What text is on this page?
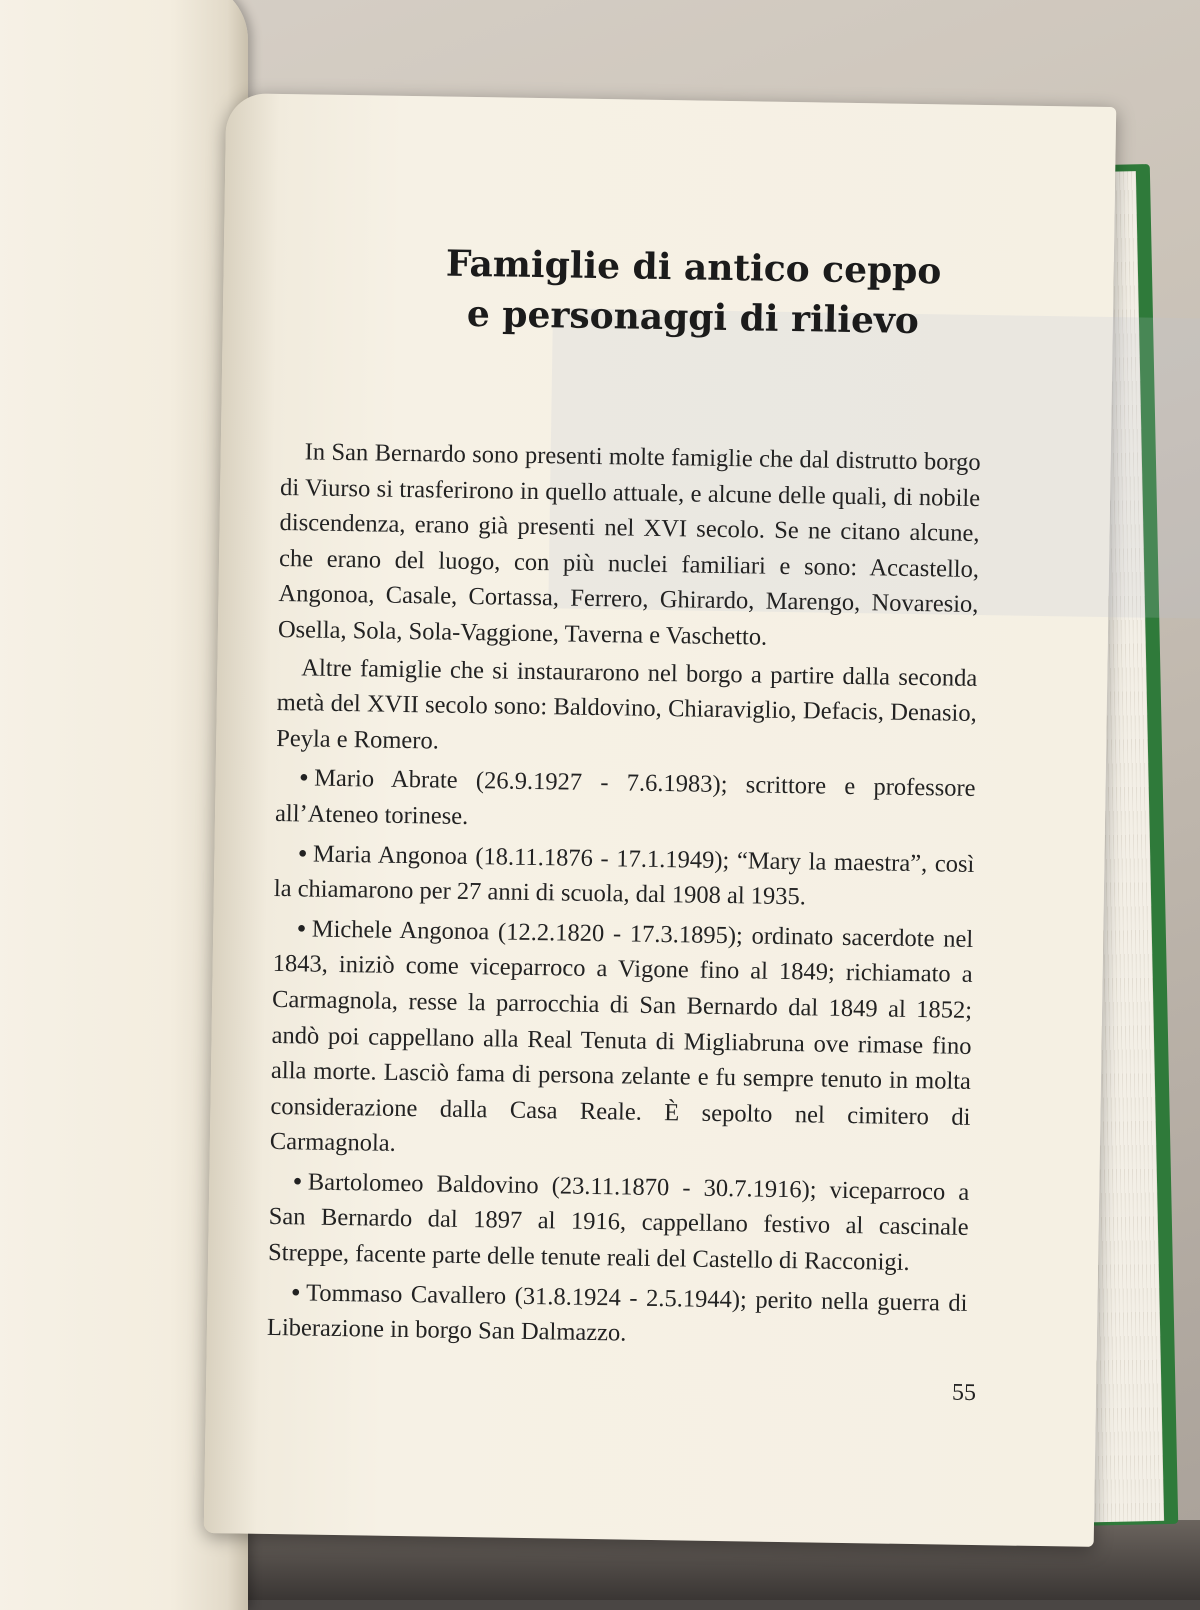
Famiglie di antico ceppo
e personaggi di rilievo

In San Bernardo sono presenti molte famiglie che dal distrutto borgo di Viurso si trasferirono in quello attuale, e alcune delle quali, di nobile discendenza, erano già presenti nel XVI secolo. Se ne citano alcune, che erano del luogo, con più nuclei familiari e sono: Accastello, Angonoa, Casale, Cortassa, Ferrero, Ghirardo, Marengo, Novaresio, Osella, Sola, Sola-Vaggione, Taverna e Vaschetto.

Altre famiglie che si instaurarono nel borgo a partire dalla seconda metà del XVII secolo sono: Baldovino, Chiaraviglio, Defacis, Denasio, Peyla e Romero.

• Mario Abrate (26.9.1927 - 7.6.1983); scrittore e professore all’Ateneo torinese.

• Maria Angonoa (18.11.1876 - 17.1.1949); “Mary la maestra”, così la chiamarono per 27 anni di scuola, dal 1908 al 1935.

• Michele Angonoa (12.2.1820 - 17.3.1895); ordinato sacerdote nel 1843, iniziò come viceparroco a Vigone fino al 1849; richiamato a Carmagnola, resse la parrocchia di San Bernardo dal 1849 al 1852; andò poi cappellano alla Real Tenuta di Migliabruna ove rimase fino alla morte. Lasciò fama di persona zelante e fu sempre tenuto in molta considerazione dalla Casa Reale. È sepolto nel cimitero di Carmagnola.

• Bartolomeo Baldovino (23.11.1870 - 30.7.1916); viceparroco a San Bernardo dal 1897 al 1916, cappellano festivo al cascinale Streppe, facente parte delle tenute reali del Castello di Racconigi.

• Tommaso Cavallero (31.8.1924 - 2.5.1944); perito nella guerra di Liberazione in borgo San Dalmazzo.

55
